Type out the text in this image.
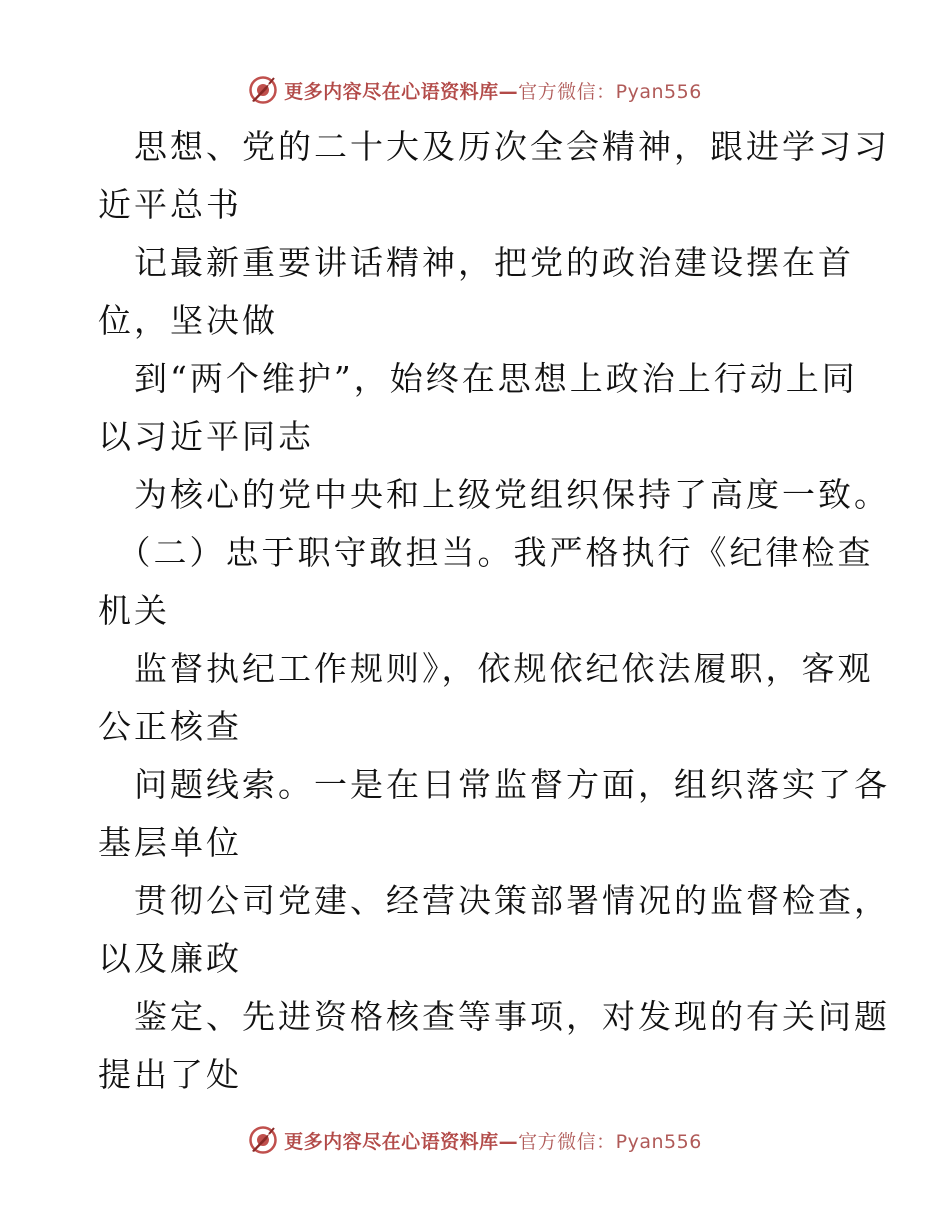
更多内容尽在心语资料库—官方微信：Pyan556
　思想、党的二十大及历次全会精神，跟进学习习
近平总书
　记最新重要讲话精神，把党的政治建设摆在首
位，坚决做
　到“两个维护”，始终在思想上政治上行动上同
以习近平同志
　为核心的党中央和上级党组织保持了高度一致。
　（二）忠于职守敢担当。我严格执行《纪律检查
机关
　监督执纪工作规则》，依规依纪依法履职，客观
公正核查
　问题线索。一是在日常监督方面，组织落实了各
基层单位
　贯彻公司党建、经营决策部署情况的监督检查，
以及廉政
　鉴定、先进资格核查等事项，对发现的有关问题
提出了处
更多内容尽在心语资料库—官方微信：Pyan556
